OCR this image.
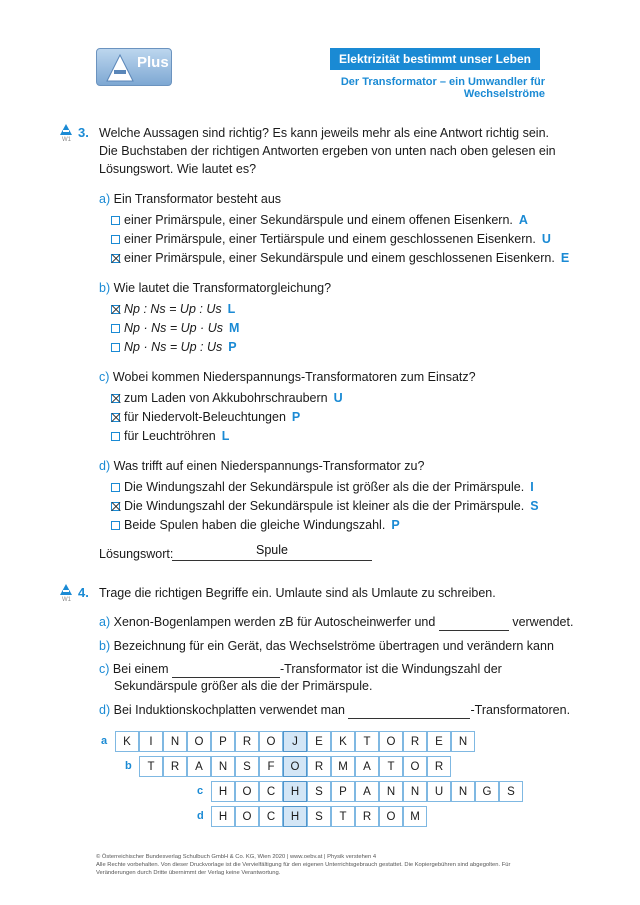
Plus	Elektrizität bestimmt unser Leben
Der Transformator – ein Umwandler für Wechselströme
W1 3. Welche Aussagen sind richtig? Es kann jeweils mehr als eine Antwort richtig sein.
Die Buchstaben der richtigen Antworten ergeben von unten nach oben gelesen ein
Lösungswort. Wie lautet es?
a) Ein Transformator besteht aus
einer Primärspule, einer Sekundärspule und einem offenen Eisenkern. A
einer Primärspule, einer Tertiärspule und einem geschlossenen Eisenkern. U
einer Primärspule, einer Sekundärspule und einem geschlossenen Eisenkern. E
b) Wie lautet die Transformatorgleichung?
Np : Ns = Up : Us L
Np · Ns = Up · Us M
Np · Ns = Up : Us P
c) Wobei kommen Niederspannungs-Transformatoren zum Einsatz?
zum Laden von Akkubohrschraubern U
für Niedervolt-Beleuchtungen P
für Leuchtröhren L
d) Was trifft auf einen Niederspannungs-Transformator zu?
Die Windungszahl der Sekundärspule ist größer als die der Primärspule. I
Die Windungszahl der Sekundärspule ist kleiner als die der Primärspule. S
Beide Spulen haben die gleiche Windungszahl. P
Lösungswort:	Spule
W1 4. Trage die richtigen Begriffe ein. Umlaute sind als Umlaute zu schreiben.
a) Xenon-Bogenlampen werden zB für Autoscheinwerfer und	verwendet.
b) Bezeichnung für ein Gerät, das Wechselströme übertragen und verändern kann
c) Bei einem	-Transformator ist die Windungszahl der
Sekundärspule größer als die der Primärspule.
d) Bei Induktionskochplatten verwendet man	-Transformatoren.
a	K	I	N	O	P	R	O	J	E	K	T	O	R	E	N
b	T	R	A	N	S	F	O	R	M	A	T	O	R
c	H	O	C	H	S	P	A	N	N	U	N	G	S
d	H	O	C	H	S	T	R	O	M
© Österreichischer Bundesverlag Schulbuch GmbH & Co. KG, Wien 2020 | www.oebv.at | Physik verstehen 4
Alle Rechte vorbehalten. Von dieser Druckvorlage ist die Vervielfältigung für den eigenen Unterrichtsgebrauch gestattet. Die Kopiergebühren sind abgegolten. Für
Veränderungen durch Dritte übernimmt der Verlag keine Verantwortung.
